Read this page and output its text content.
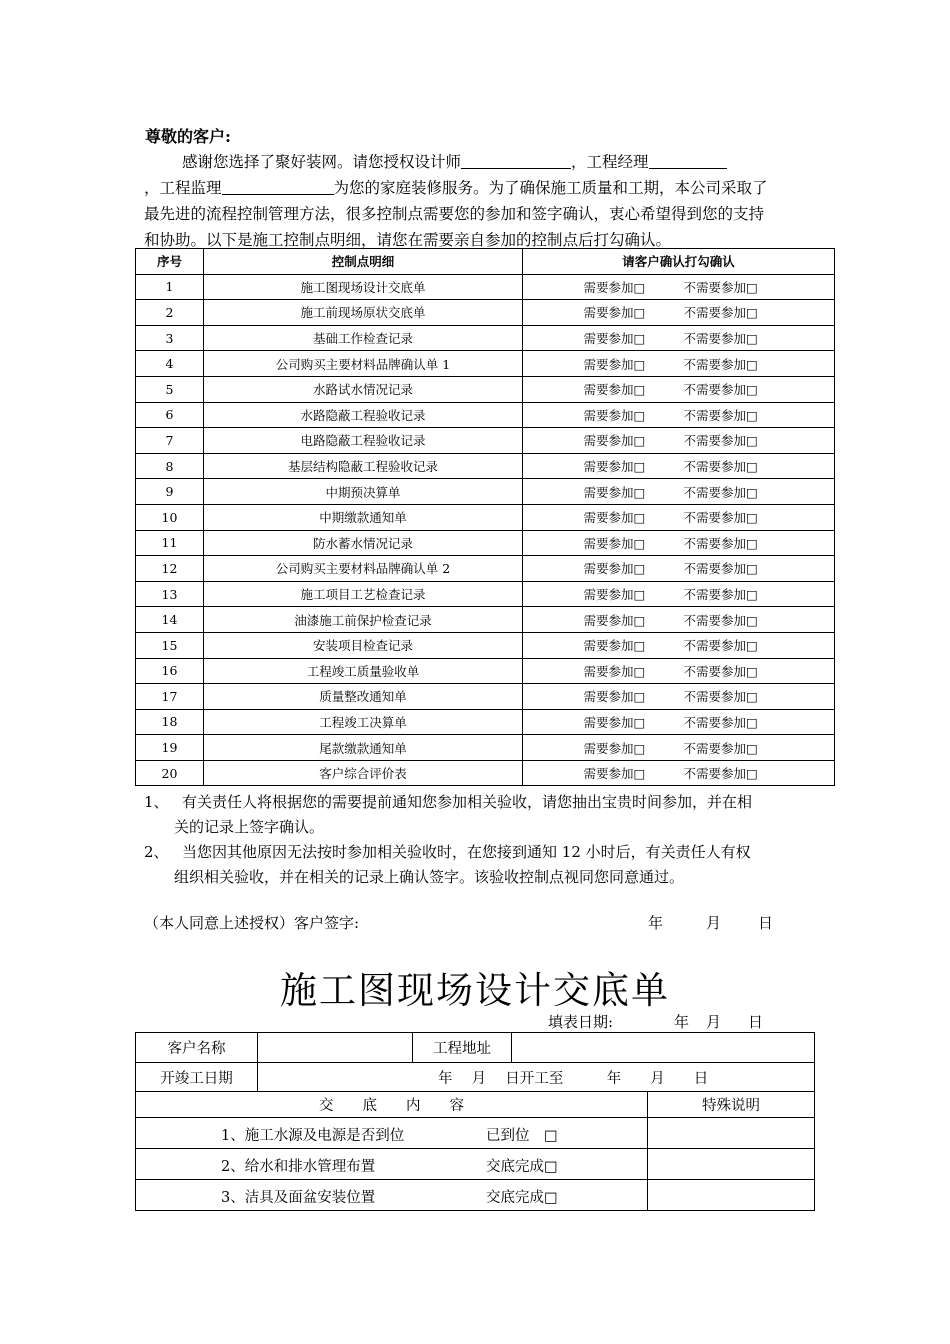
尊敬的客户:
感谢您选择了聚好装网。请您授权设计师	，工程经理
，工程监理	为您的家庭装修服务。为了确保施工质量和工期，本公司采取了
最先进的流程控制管理方法，很多控制点需要您的参加和签字确认，衷心希望得到您的支持
和协助。以下是施工控制点明细，请您在需要亲自参加的控制点后打勾确认。
序号	控制点明细	请客户确认打勾确认
1	施工图现场设计交底单	需要参加□ 不需要参加□
2	施工前现场原状交底单	需要参加□ 不需要参加□
3	基础工作检查记录	需要参加□ 不需要参加□
4	公司购买主要材料品牌确认单 1	需要参加□ 不需要参加□
5	水路试水情况记录	需要参加□ 不需要参加□
6	水路隐蔽工程验收记录	需要参加□ 不需要参加□
7	电路隐蔽工程验收记录	需要参加□ 不需要参加□
8	基层结构隐蔽工程验收记录	需要参加□ 不需要参加□
9	中期预决算单	需要参加□ 不需要参加□
10	中期缴款通知单	需要参加□ 不需要参加□
11	防水蓄水情况记录	需要参加□ 不需要参加□
12	公司购买主要材料品牌确认单 2	需要参加□ 不需要参加□
13	施工项目工艺检查记录	需要参加□ 不需要参加□
14	油漆施工前保护检查记录	需要参加□ 不需要参加□
15	安装项目检查记录	需要参加□ 不需要参加□
16	工程竣工质量验收单	需要参加□ 不需要参加□
17	质量整改通知单	需要参加□ 不需要参加□
18	工程竣工决算单	需要参加□ 不需要参加□
19	尾款缴款通知单	需要参加□ 不需要参加□
20	客户综合评价表	需要参加□ 不需要参加□
1、 有关责任人将根据您的需要提前通知您参加相关验收，请您抽出宝贵时间参加，并在相
关的记录上签字确认。
2、 当您因其他原因无法按时参加相关验收时，在您接到通知 12 小时后，有关责任人有权
组织相关验收，并在相关的记录上确认签字。该验收控制点视同您同意通过。
（本人同意上述授权）客户签字:	年	月 日
施工图现场设计交底单
填表日期:	年 月 日
客户名称		工程地址		
开竣工日期	年　 月　 日开工至　　　年　　月　　日			
交　　底　　内　　容				特殊说明

1、施工水源及电源是否到位 已到位　□				

2、给水和排水管理布置 交底完成□				

3、洁具及面盆安装位置 交底完成□				
